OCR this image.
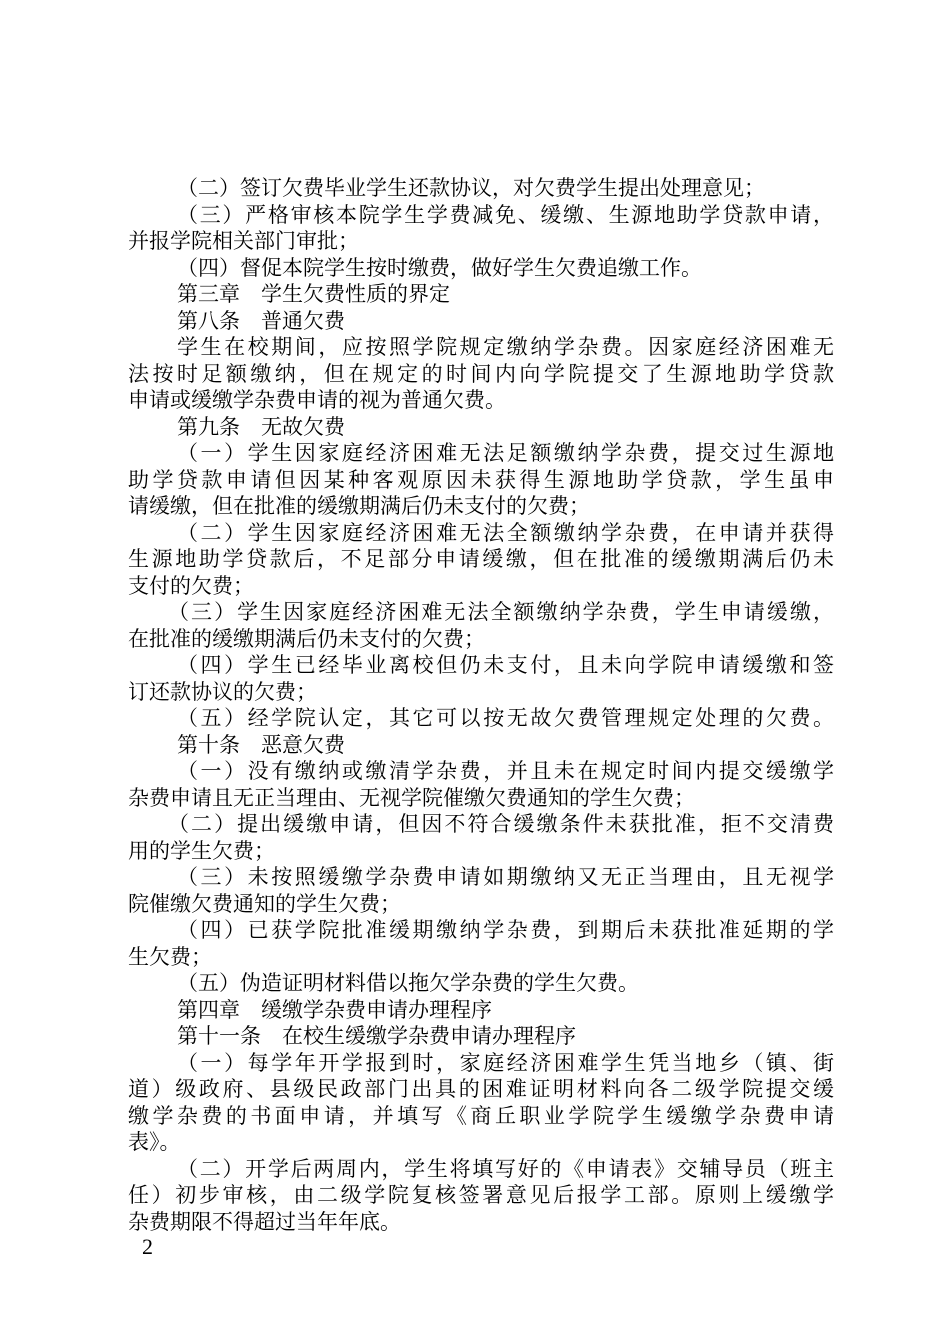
（二）签订欠费毕业学生还款协议，对欠费学生提出处理意见；
（三）严格审核本院学生学费减免、缓缴、生源地助学贷款申请，
并报学院相关部门审批；
（四）督促本院学生按时缴费，做好学生欠费追缴工作。
第三章　学生欠费性质的界定
第八条　普通欠费
学生在校期间，应按照学院规定缴纳学杂费。因家庭经济困难无
法按时足额缴纳，但在规定的时间内向学院提交了生源地助学贷款
申请或缓缴学杂费申请的视为普通欠费。
第九条　无故欠费
（一）学生因家庭经济困难无法足额缴纳学杂费，提交过生源地
助学贷款申请但因某种客观原因未获得生源地助学贷款，学生虽申
请缓缴，但在批准的缓缴期满后仍未支付的欠费；
（二）学生因家庭经济困难无法全额缴纳学杂费，在申请并获得
生源地助学贷款后，不足部分申请缓缴，但在批准的缓缴期满后仍未
支付的欠费；
（三）学生因家庭经济困难无法全额缴纳学杂费，学生申请缓缴，
在批准的缓缴期满后仍未支付的欠费；
（四）学生已经毕业离校但仍未支付，且未向学院申请缓缴和签
订还款协议的欠费；
（五）经学院认定，其它可以按无故欠费管理规定处理的欠费。
第十条　恶意欠费
（一）没有缴纳或缴清学杂费，并且未在规定时间内提交缓缴学
杂费申请且无正当理由、无视学院催缴欠费通知的学生欠费；
（二）提出缓缴申请，但因不符合缓缴条件未获批准，拒不交清费
用的学生欠费；
（三）未按照缓缴学杂费申请如期缴纳又无正当理由，且无视学
院催缴欠费通知的学生欠费；
（四）已获学院批准缓期缴纳学杂费，到期后未获批准延期的学
生欠费；
（五）伪造证明材料借以拖欠学杂费的学生欠费。
第四章　缓缴学杂费申请办理程序
第十一条　在校生缓缴学杂费申请办理程序
（一）每学年开学报到时，家庭经济困难学生凭当地乡（镇、街
道）级政府、县级民政部门出具的困难证明材料向各二级学院提交缓
缴学杂费的书面申请，并填写《商丘职业学院学生缓缴学杂费申请
表》。
（二）开学后两周内，学生将填写好的《申请表》交辅导员（班主
任）初步审核，由二级学院复核签署意见后报学工部。原则上缓缴学
杂费期限不得超过当年年底。
2
